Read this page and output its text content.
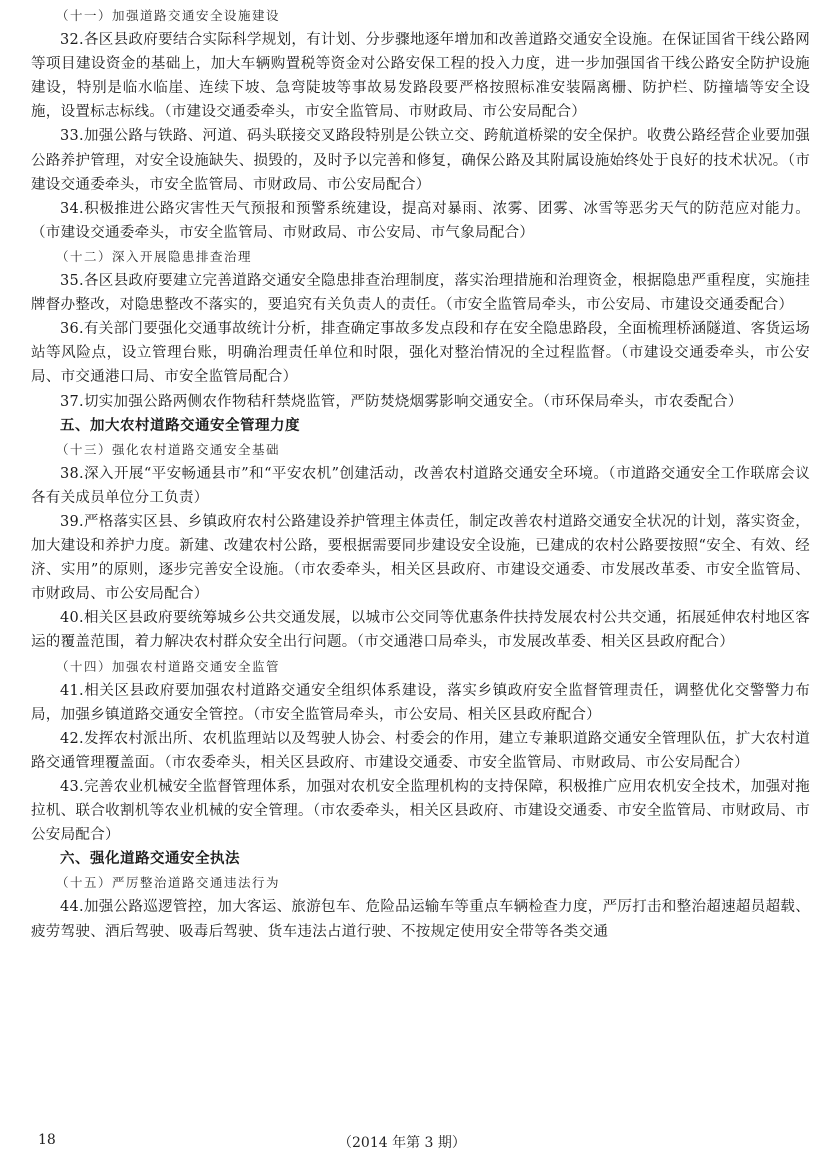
（十一）加强道路交通安全设施建设

32.各区县政府要结合实际科学规划，有计划、分步骤地逐年增加和改善道路交通安全设施。在保证国省干线公路网等项目建设资金的基础上，加大车辆购置税等资金对公路安保工程的投入力度，进一步加强国省干线公路安全防护设施建设，特别是临水临崖、连续下坡、急弯陡坡等事故易发路段要严格按照标准安装隔离栅、防护栏、防撞墙等安全设施，设置标志标线。（市建设交通委牵头，市安全监管局、市财政局、市公安局配合）

33.加强公路与铁路、河道、码头联接交叉路段特别是公铁立交、跨航道桥梁的安全保护。收费公路经营企业要加强公路养护管理，对安全设施缺失、损毁的，及时予以完善和修复，确保公路及其附属设施始终处于良好的技术状况。（市建设交通委牵头，市安全监管局、市财政局、市公安局配合）

34.积极推进公路灾害性天气预报和预警系统建设，提高对暴雨、浓雾、团雾、冰雪等恶劣天气的防范应对能力。（市建设交通委牵头，市安全监管局、市财政局、市公安局、市气象局配合）

（十二）深入开展隐患排查治理

35.各区县政府要建立完善道路交通安全隐患排查治理制度，落实治理措施和治理资金，根据隐患严重程度，实施挂牌督办整改，对隐患整改不落实的，要追究有关负责人的责任。（市安全监管局牵头，市公安局、市建设交通委配合）

36.有关部门要强化交通事故统计分析，排查确定事故多发点段和存在安全隐患路段，全面梳理桥涵隧道、客货运场站等风险点，设立管理台账，明确治理责任单位和时限，强化对整治情况的全过程监督。（市建设交通委牵头，市公安局、市交通港口局、市安全监管局配合）

37.切实加强公路两侧农作物秸秆禁烧监管，严防焚烧烟雾影响交通安全。（市环保局牵头，市农委配合）

五、加大农村道路交通安全管理力度

（十三）强化农村道路交通安全基础

38.深入开展“平安畅通县市”和“平安农机”创建活动，改善农村道路交通安全环境。（市道路交通安全工作联席会议各有关成员单位分工负责）

39.严格落实区县、乡镇政府农村公路建设养护管理主体责任，制定改善农村道路交通安全状况的计划，落实资金，加大建设和养护力度。新建、改建农村公路，要根据需要同步建设安全设施，已建成的农村公路要按照“安全、有效、经济、实用”的原则，逐步完善安全设施。（市农委牵头，相关区县政府、市建设交通委、市发展改革委、市安全监管局、市财政局、市公安局配合）

40.相关区县政府要统筹城乡公共交通发展，以城市公交同等优惠条件扶持发展农村公共交通，拓展延伸农村地区客运的覆盖范围，着力解决农村群众安全出行问题。（市交通港口局牵头，市发展改革委、相关区县政府配合）

（十四）加强农村道路交通安全监管

41.相关区县政府要加强农村道路交通安全组织体系建设，落实乡镇政府安全监督管理责任，调整优化交警警力布局，加强乡镇道路交通安全管控。（市安全监管局牵头，市公安局、相关区县政府配合）

42.发挥农村派出所、农机监理站以及驾驶人协会、村委会的作用，建立专兼职道路交通安全管理队伍，扩大农村道路交通管理覆盖面。（市农委牵头，相关区县政府、市建设交通委、市安全监管局、市财政局、市公安局配合）

43.完善农业机械安全监督管理体系，加强对农机安全监理机构的支持保障，积极推广应用农机安全技术，加强对拖拉机、联合收割机等农业机械的安全管理。（市农委牵头，相关区县政府、市建设交通委、市安全监管局、市财政局、市公安局配合）

六、强化道路交通安全执法

（十五）严厉整治道路交通违法行为

44.加强公路巡逻管控，加大客运、旅游包车、危险品运输车等重点车辆检查力度，严厉打击和整治超速超员超载、疲劳驾驶、酒后驾驶、吸毒后驾驶、货车违法占道行驶、不按规定使用安全带等各类交通

18	（2014 年第 3 期）
